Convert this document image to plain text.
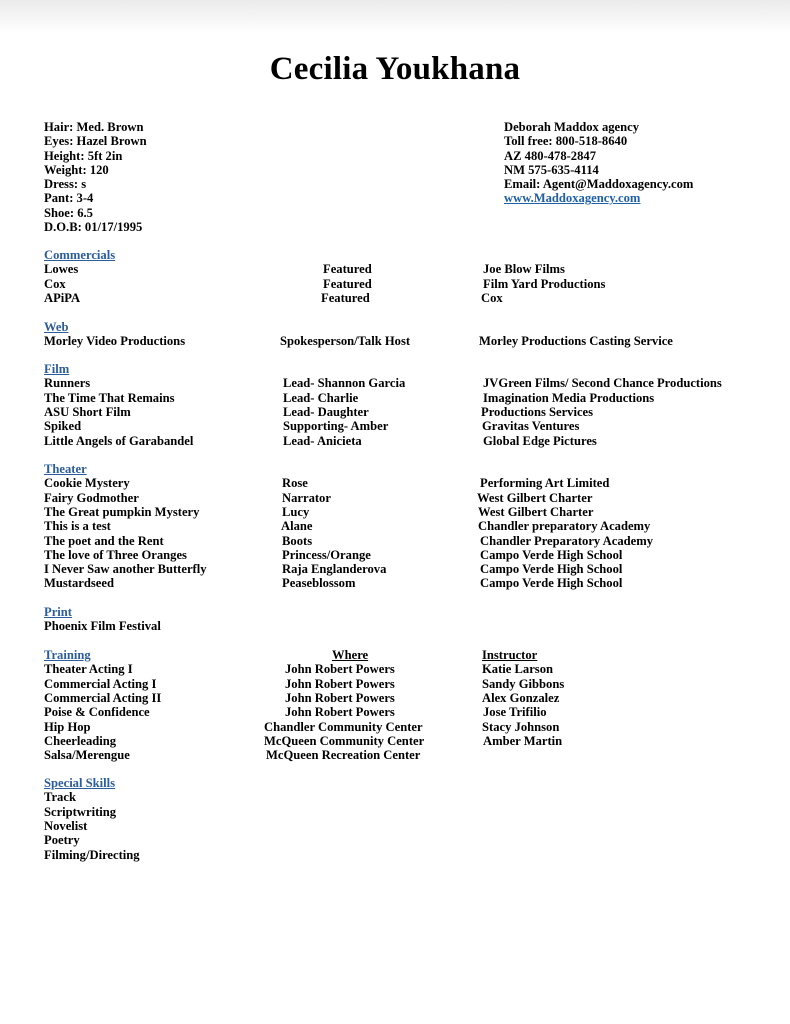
Cecilia Youkhana
Hair: Med. Brown
Eyes: Hazel Brown
Height: 5ft 2in
Weight: 120
Dress: s
Pant: 3-4
Shoe: 6.5
D.O.B: 01/17/1995
Deborah Maddox agency
Toll free: 800-518-8640
AZ 480-478-2847
NM 575-635-4114
Email: Agent@Maddoxagency.com
www.Maddoxagency.com
Commercials
Lowes	Featured	Joe Blow Films
Cox	Featured	Film Yard Productions
APiPA	Featured	Cox
Web
Morley Video Productions	Spokesperson/Talk Host	Morley Productions Casting Service
Film
Runners	Lead- Shannon Garcia	JVGreen Films/ Second Chance Productions
The Time That Remains	Lead- Charlie	Imagination Media Productions
ASU Short Film	Lead- Daughter	Productions Services
Spiked	Supporting- Amber	Gravitas Ventures
Little Angels of Garabandel	Lead- Anicieta	Global Edge Pictures
Theater
Cookie Mystery	Rose	Performing Art Limited
Fairy Godmother	Narrator	West Gilbert Charter
The Great pumpkin Mystery	Lucy	West Gilbert Charter
This is a test	Alane	Chandler preparatory Academy
The poet and the Rent	Boots	Chandler Preparatory Academy
The love of Three Oranges	Princess/Orange	Campo Verde High School
I Never Saw another Butterfly	Raja Englanderova	Campo Verde High School
Mustardseed	Peaseblossom	Campo Verde High School
Print
Phoenix Film Festival
Training	Where	Instructor
Theater Acting I	John Robert Powers	Katie Larson
Commercial Acting I	John Robert Powers	Sandy Gibbons
Commercial Acting II	John Robert Powers	Alex Gonzalez
Poise & Confidence	John Robert Powers	Jose Trifilio
Hip Hop	Chandler Community Center	Stacy Johnson
Cheerleading	McQueen Community Center	Amber Martin
Salsa/Merengue	McQueen Recreation Center
Special Skills
Track
Scriptwriting
Novelist
Poetry
Filming/Directing
